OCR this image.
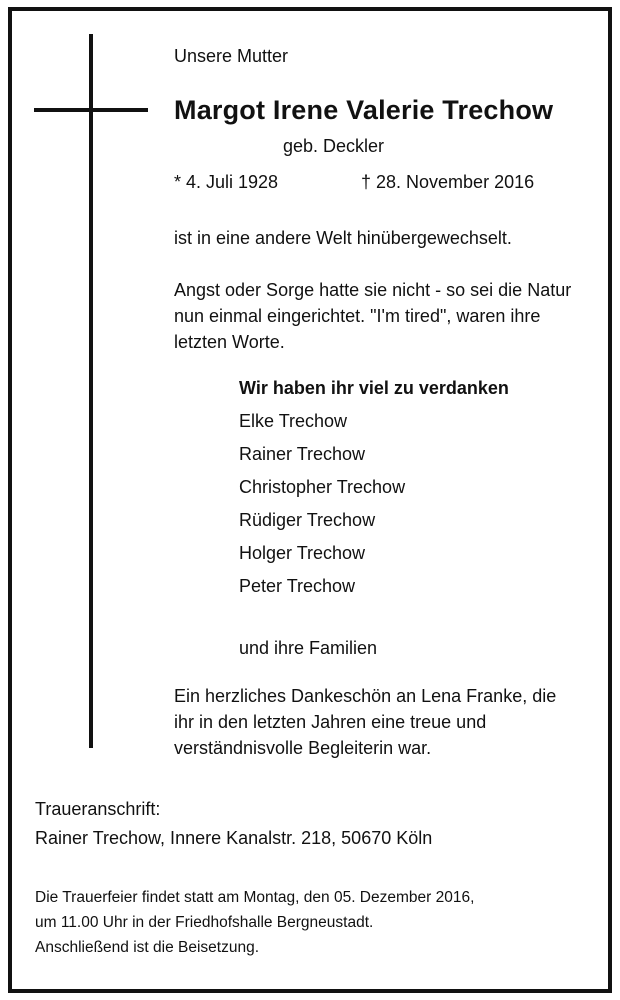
Unsere Mutter
Margot Irene Valerie Trechow
geb. Deckler
* 4. Juli 1928	† 28. November 2016
ist in eine andere Welt hinübergewechselt.
Angst oder Sorge hatte sie nicht - so sei die Natur
nun einmal eingerichtet. "I'm tired", waren ihre
letzten Worte.
Wir haben ihr viel zu verdanken
Elke Trechow
Rainer Trechow
Christopher Trechow
Rüdiger Trechow
Holger Trechow
Peter Trechow
und ihre Familien
Ein herzliches Dankeschön an Lena Franke, die
ihr in den letzten Jahren eine treue und
verständnisvolle Begleiterin war.
Traueranschrift:
Rainer Trechow, Innere Kanalstr. 218, 50670 Köln
Die Trauerfeier findet statt am Montag, den 05. Dezember 2016,
um 11.00 Uhr in der Friedhofshalle Bergneustadt.
Anschließend ist die Beisetzung.
